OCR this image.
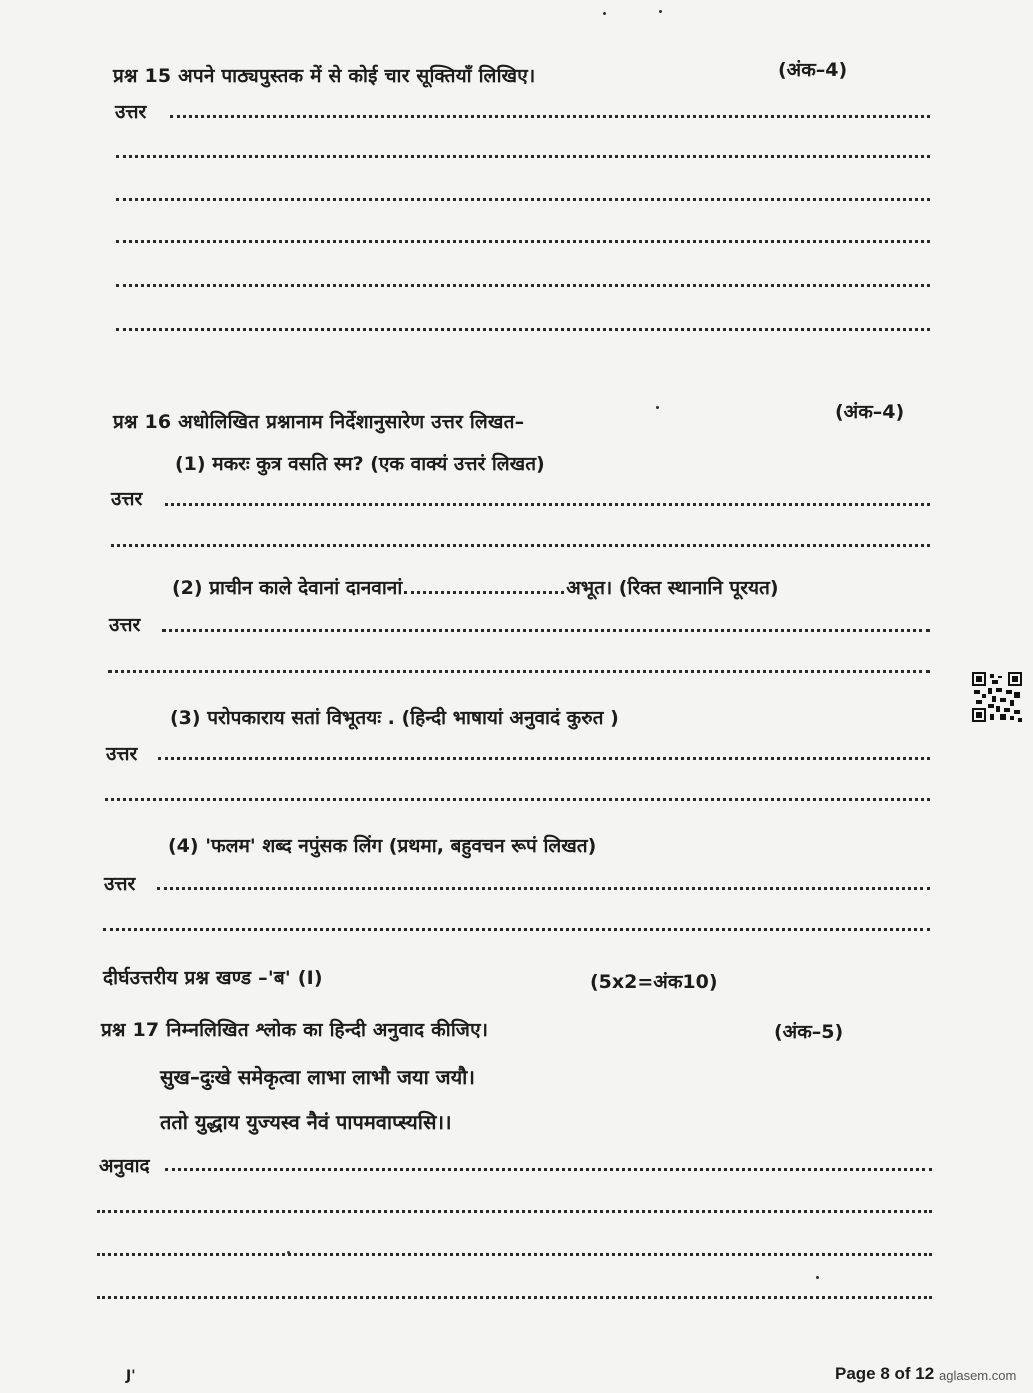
प्रश्न 15 अपने पाठ्यपुस्तक में से कोई चार सूक्तियाँ लिखिए।	(अंक–4)
उत्तर
प्रश्न 16 अधोलिखित प्रश्नानाम निर्देशानुसारेण उत्तर लिखत–	(अंक–4)
(1) मकरः कुत्र वसति स्म? (एक वाक्यं उत्तरं लिखत)
उत्तर
(2) प्राचीन काले देवानां दानवानां	अभूत। (रिक्त स्थानानि पूरयत)
उत्तर
(3) परोपकाराय सतां विभूतयः . (हिन्दी भाषायां अनुवादं कुरुत )
उत्तर
(4) 'फलम' शब्द नपुंसक लिंग (प्रथमा, बहुवचन रूपं लिखत)
उत्तर
दीर्घउत्तरीय प्रश्न खण्ड –'ब' (I)	(5x2=अंक10)
प्रश्न 17 निम्नलिखित श्लोक का हिन्दी अनुवाद कीजिए।	(अंक–5)
सुख–दुःखे समेकृत्वा लाभा लाभौ जया जयौ।
ततो युद्धाय युज्यस्व नैवं पापमवाप्स्यसि।।
अनुवाद
J'	Page 8 of 12 aglasem.com
